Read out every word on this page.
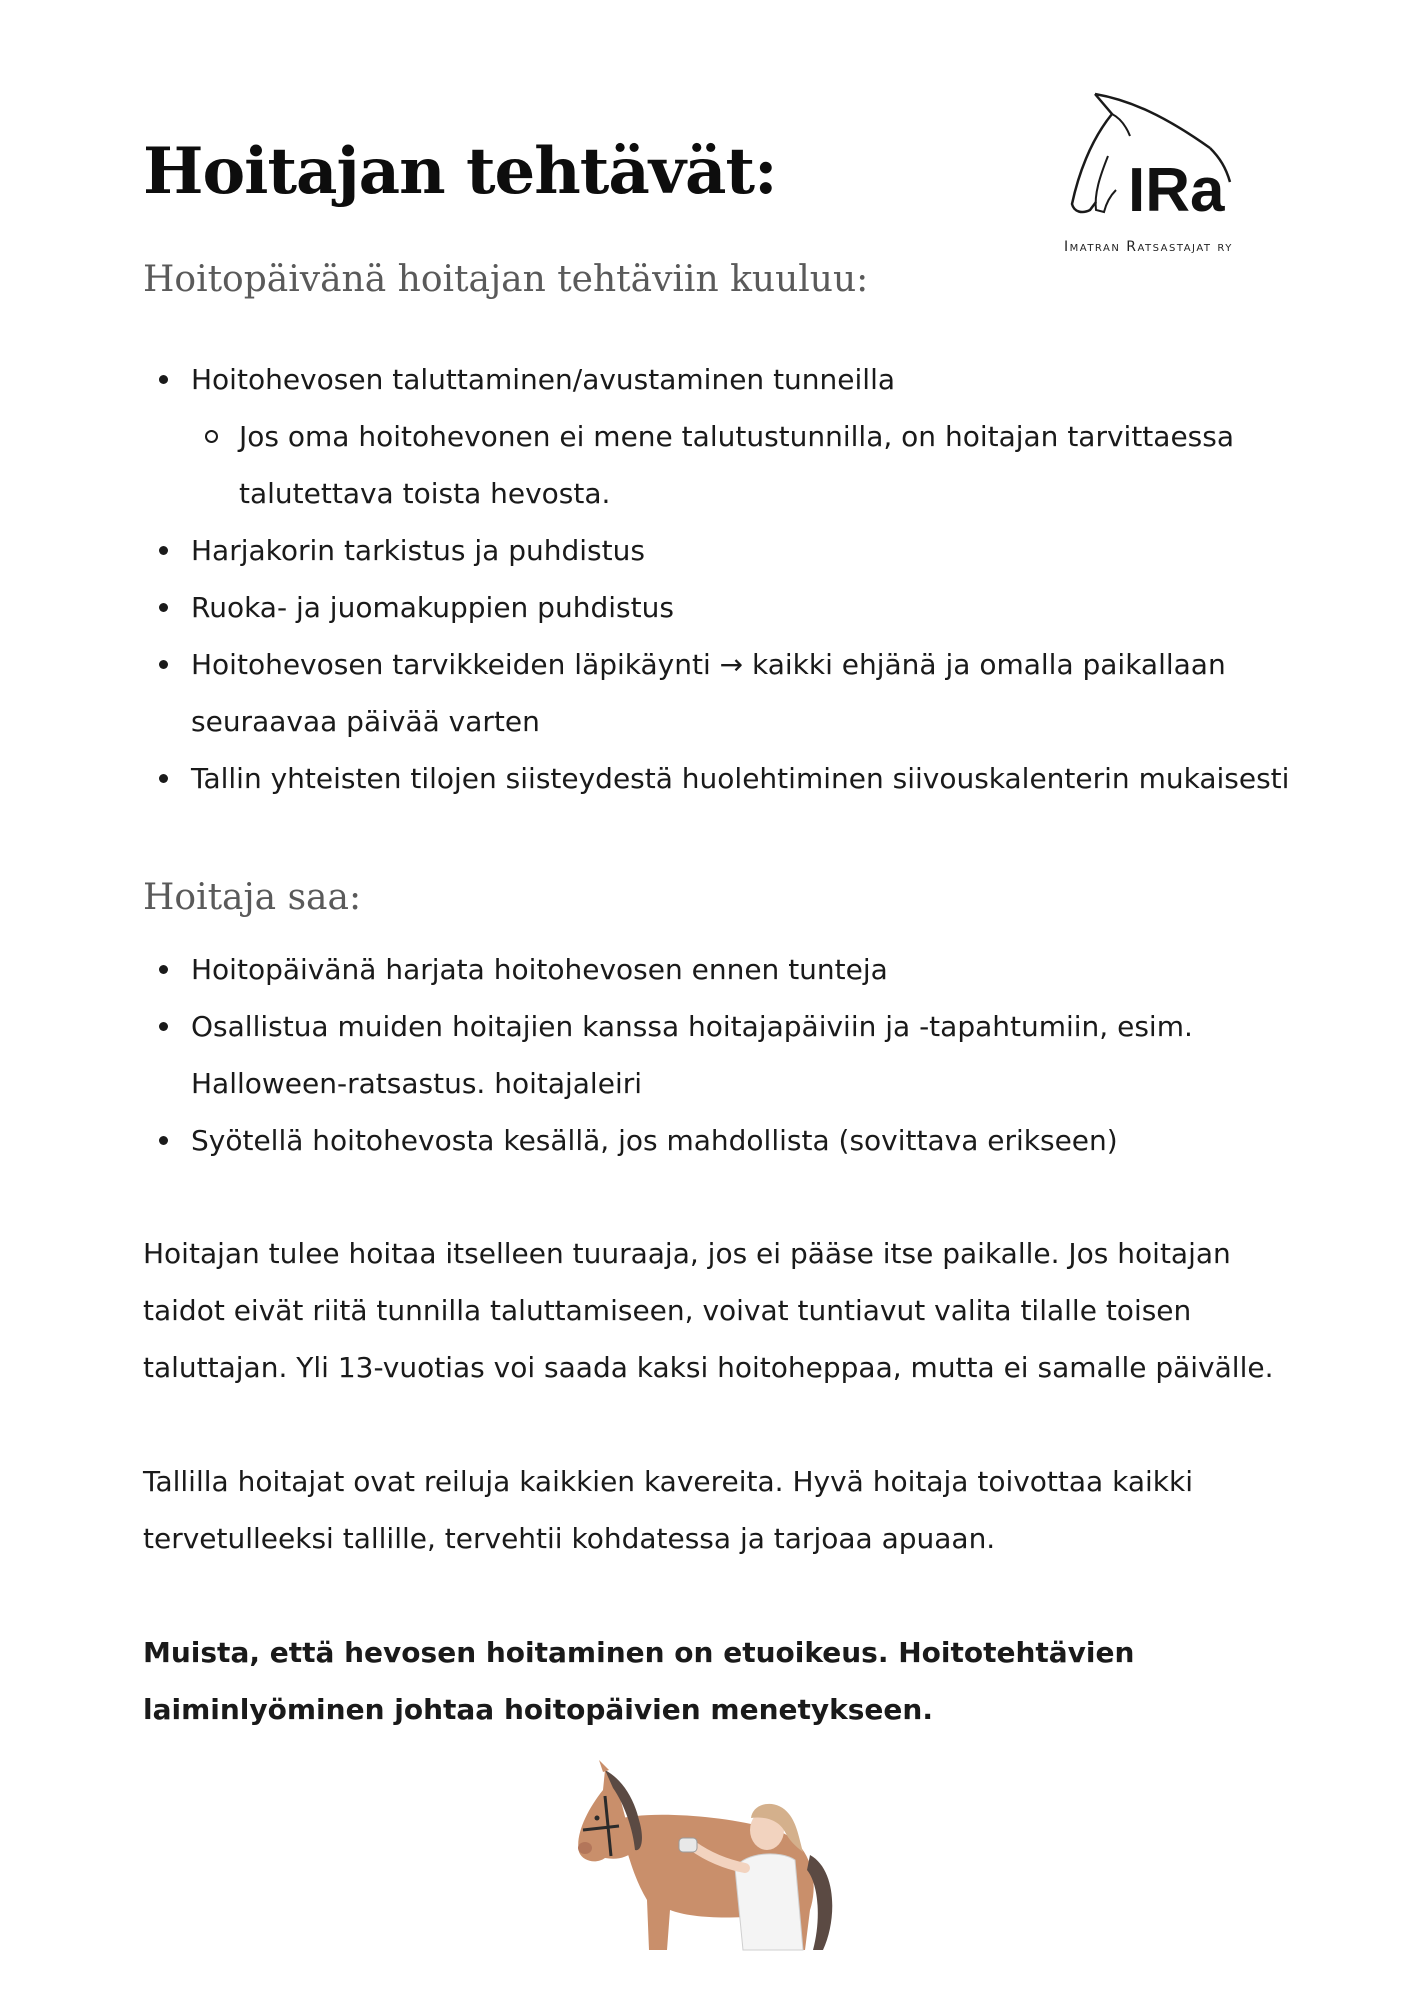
Hoitajan tehtävät:	IRa
Imatran Ratsastajat ry
Hoitopäivänä hoitajan tehtäviin kuuluu:
Hoitohevosen taluttaminen/avustaminen tunneilla
Jos oma hoitohevonen ei mene talutustunnilla, on hoitajan tarvittaessa talutettava toista hevosta.
Harjakorin tarkistus ja puhdistus
Ruoka- ja juomakuppien puhdistus
Hoitohevosen tarvikkeiden läpikäynti → kaikki ehjänä ja omalla paikallaan seuraavaa päivää varten
Tallin yhteisten tilojen siisteydestä huolehtiminen siivouskalenterin mukaisesti
Hoitaja saa:
Hoitopäivänä harjata hoitohevosen ennen tunteja
Osallistua muiden hoitajien kanssa hoitajapäiviin ja -tapahtumiin, esim. Halloween-ratsastus. hoitajaleiri
Syötellä hoitohevosta kesällä, jos mahdollista (sovittava erikseen)

Hoitajan tulee hoitaa itselleen tuuraaja, jos ei pääse itse paikalle. Jos hoitajan taidot eivät riitä tunnilla taluttamiseen, voivat tuntiavut valita tilalle toisen taluttajan. Yli 13-vuotias voi saada kaksi hoitoheppaa, mutta ei samalle päivälle.

Tallilla hoitajat ovat reiluja kaikkien kavereita. Hyvä hoitaja toivottaa kaikki tervetulleeksi tallille, tervehtii kohdatessa ja tarjoaa apuaan.

Muista, että hevosen hoitaminen on etuoikeus. Hoitotehtävien laiminlyöminen johtaa hoitopäivien menetykseen.
